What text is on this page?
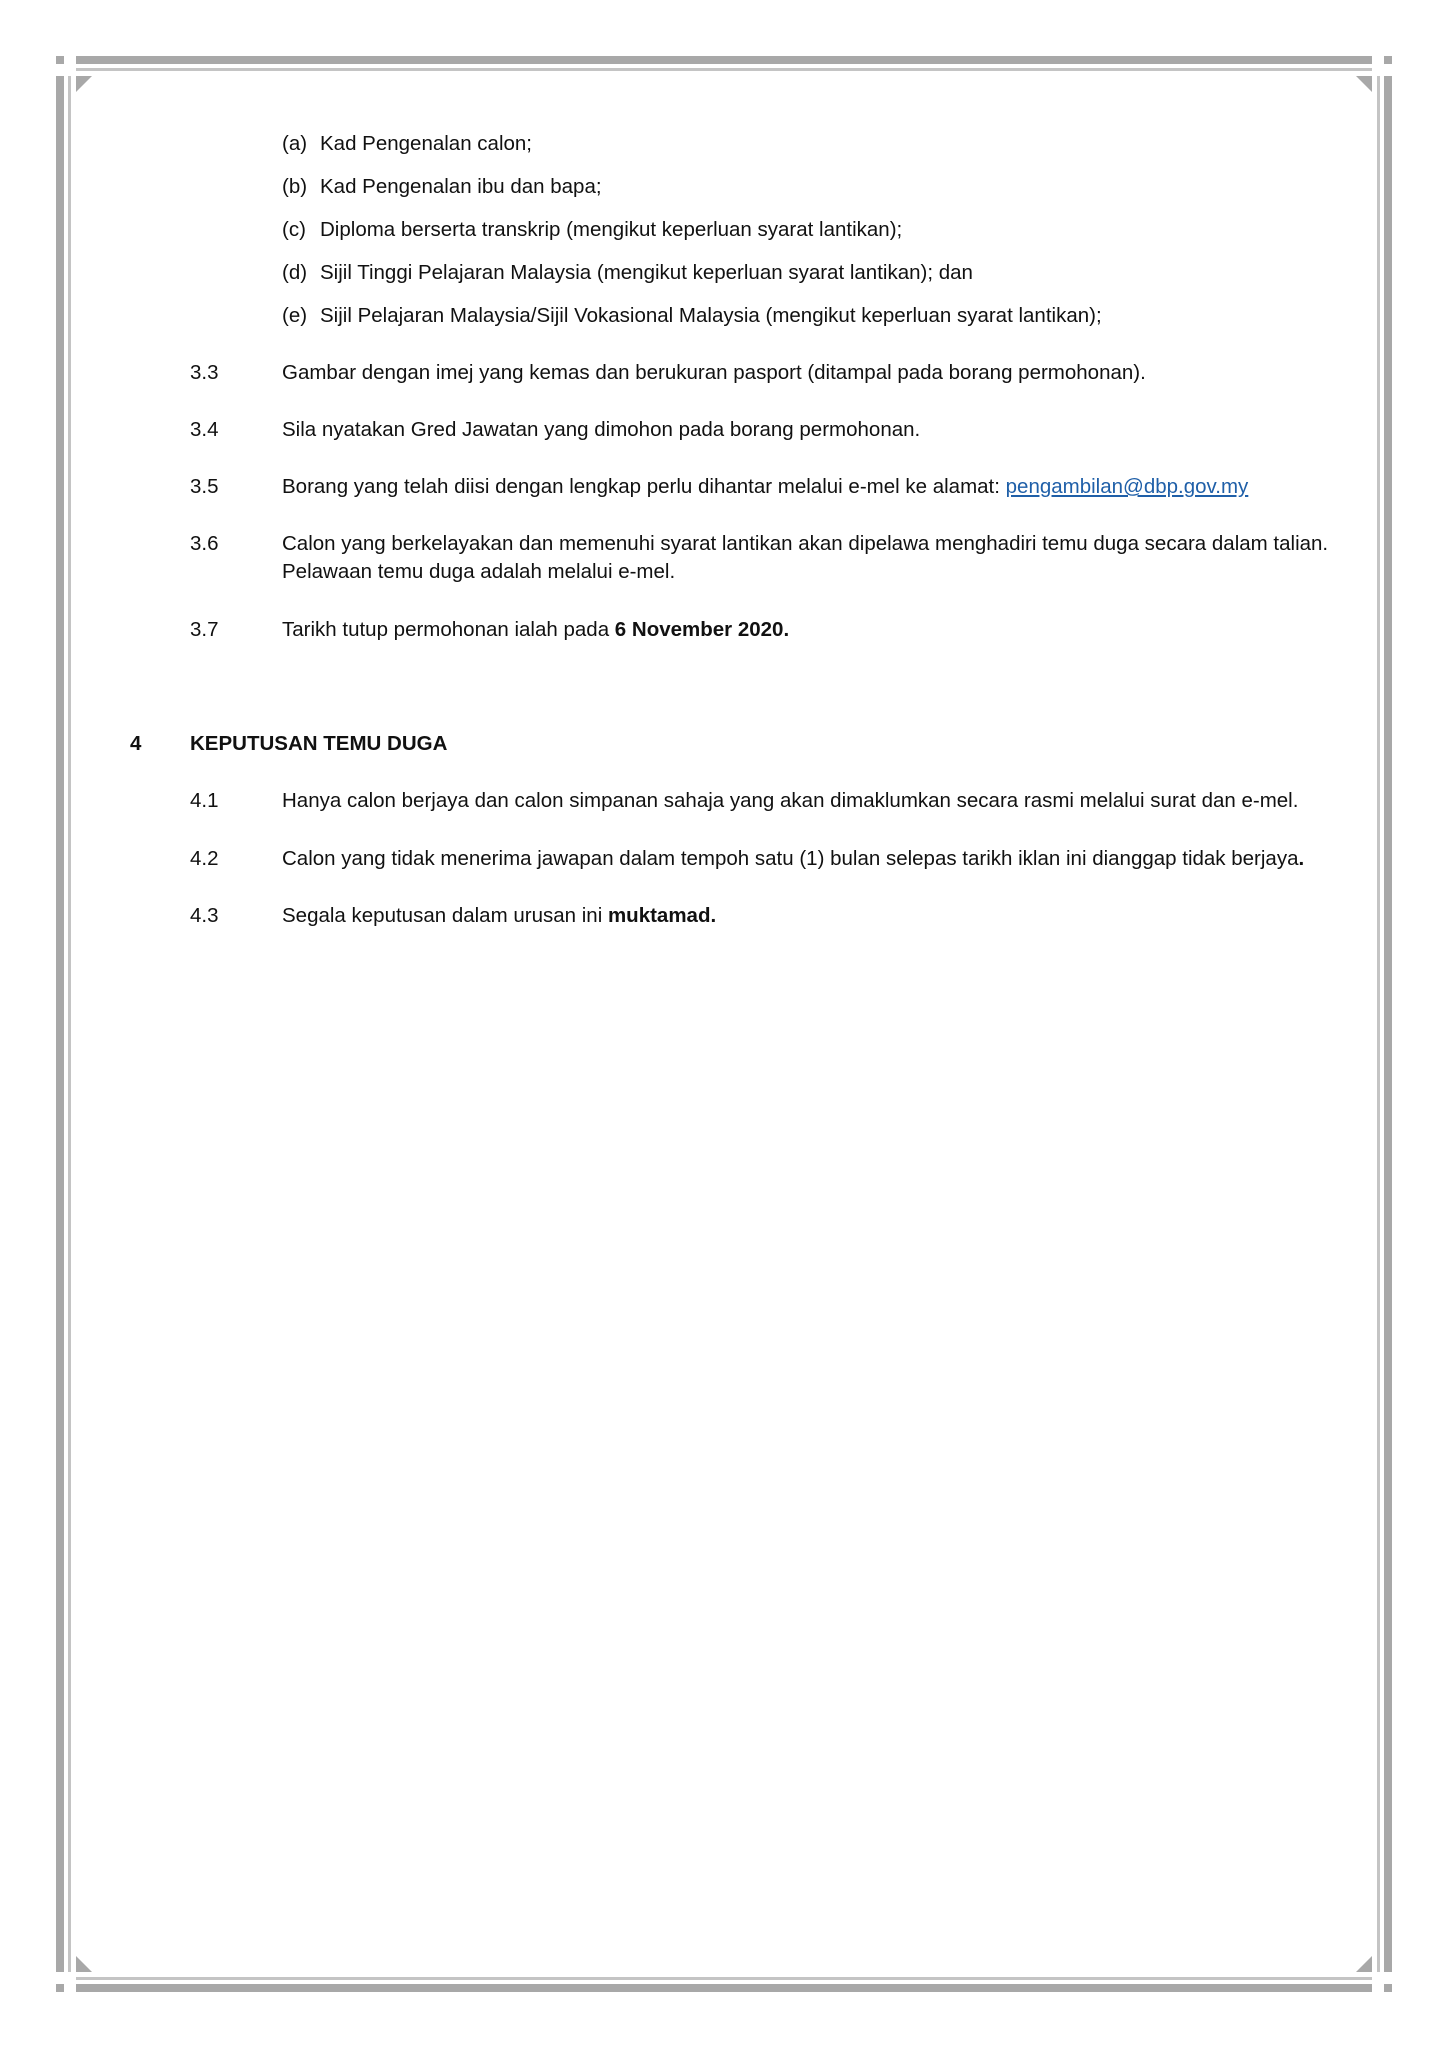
(a) Kad Pengenalan calon;
(b) Kad Pengenalan ibu dan bapa;
(c) Diploma berserta transkrip (mengikut keperluan syarat lantikan);
(d) Sijil Tinggi Pelajaran Malaysia (mengikut keperluan syarat lantikan); dan
(e) Sijil Pelajaran Malaysia/Sijil Vokasional Malaysia (mengikut keperluan syarat lantikan);
3.3	Gambar dengan imej yang kemas dan berukuran pasport (ditampal pada borang permohonan).
3.4	Sila nyatakan Gred Jawatan yang dimohon pada borang permohonan.
3.5	Borang yang telah diisi dengan lengkap perlu dihantar melalui e-mel ke alamat: pengambilan@dbp.gov.my
3.6	Calon yang berkelayakan dan memenuhi syarat lantikan akan dipelawa menghadiri temu duga secara dalam talian.
Pelawaan temu duga adalah melalui e-mel.
3.7	Tarikh tutup permohonan ialah pada 6 November 2020.
4 KEPUTUSAN TEMU DUGA
4.1	Hanya calon berjaya dan calon simpanan sahaja yang akan dimaklumkan secara rasmi melalui surat dan e-mel.
4.2	Calon yang tidak menerima jawapan dalam tempoh satu (1) bulan selepas tarikh iklan ini dianggap tidak berjaya.
4.3	Segala keputusan dalam urusan ini muktamad.
